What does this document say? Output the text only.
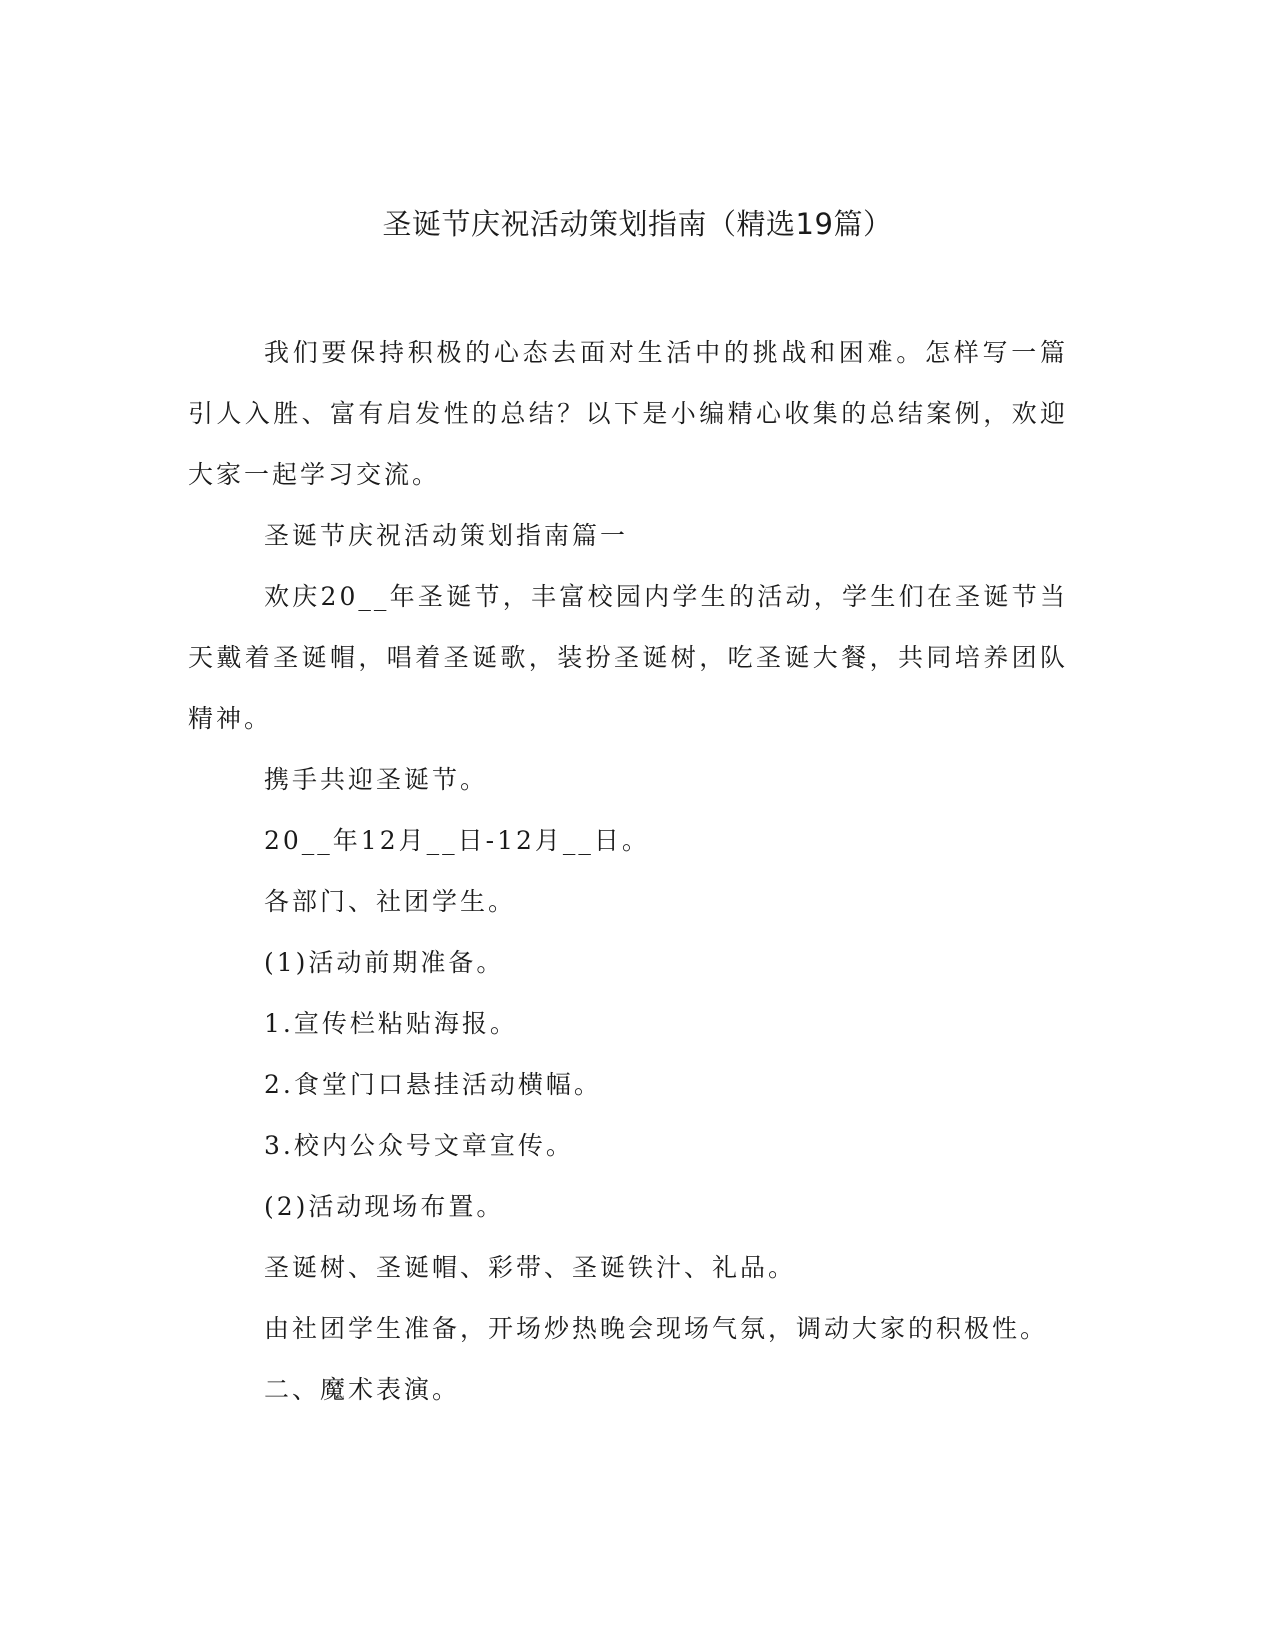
圣诞节庆祝活动策划指南（精选19篇）

我们要保持积极的心态去面对生活中的挑战和困难。怎样写一篇引人入胜、富有启发性的总结？以下是小编精心收集的总结案例，欢迎大家一起学习交流。

圣诞节庆祝活动策划指南篇一

欢庆20__年圣诞节，丰富校园内学生的活动，学生们在圣诞节当天戴着圣诞帽，唱着圣诞歌，装扮圣诞树，吃圣诞大餐，共同培养团队精神。

携手共迎圣诞节。

20__年12月__日-12月__日。

各部门、社团学生。

(1)活动前期准备。

1.宣传栏粘贴海报。

2.食堂门口悬挂活动横幅。

3.校内公众号文章宣传。

(2)活动现场布置。

圣诞树、圣诞帽、彩带、圣诞铁汁、礼品。

由社团学生准备，开场炒热晚会现场气氛，调动大家的积极性。

二、魔术表演。
